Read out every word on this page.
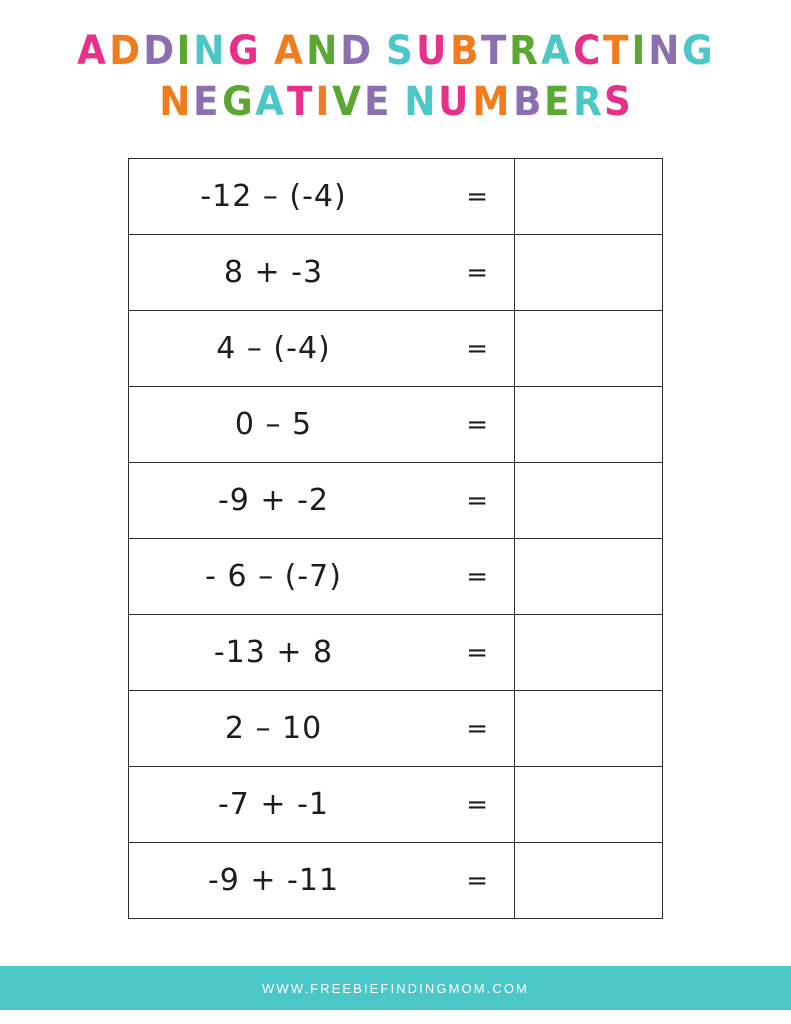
ADDING AND SUBTRACTING
NEGATIVE NUMBERS
-12 – (-4) =	

8 + -3 =	

4 – (-4) =	

0 – 5 =	

-9 + -2 =	

- 6 – (-7) =	

-13 + 8 =	

2 – 10 =	

-7 + -1 =	

-9 + -11 =	

WWW.FREEBIEFINDINGMOM.COM
